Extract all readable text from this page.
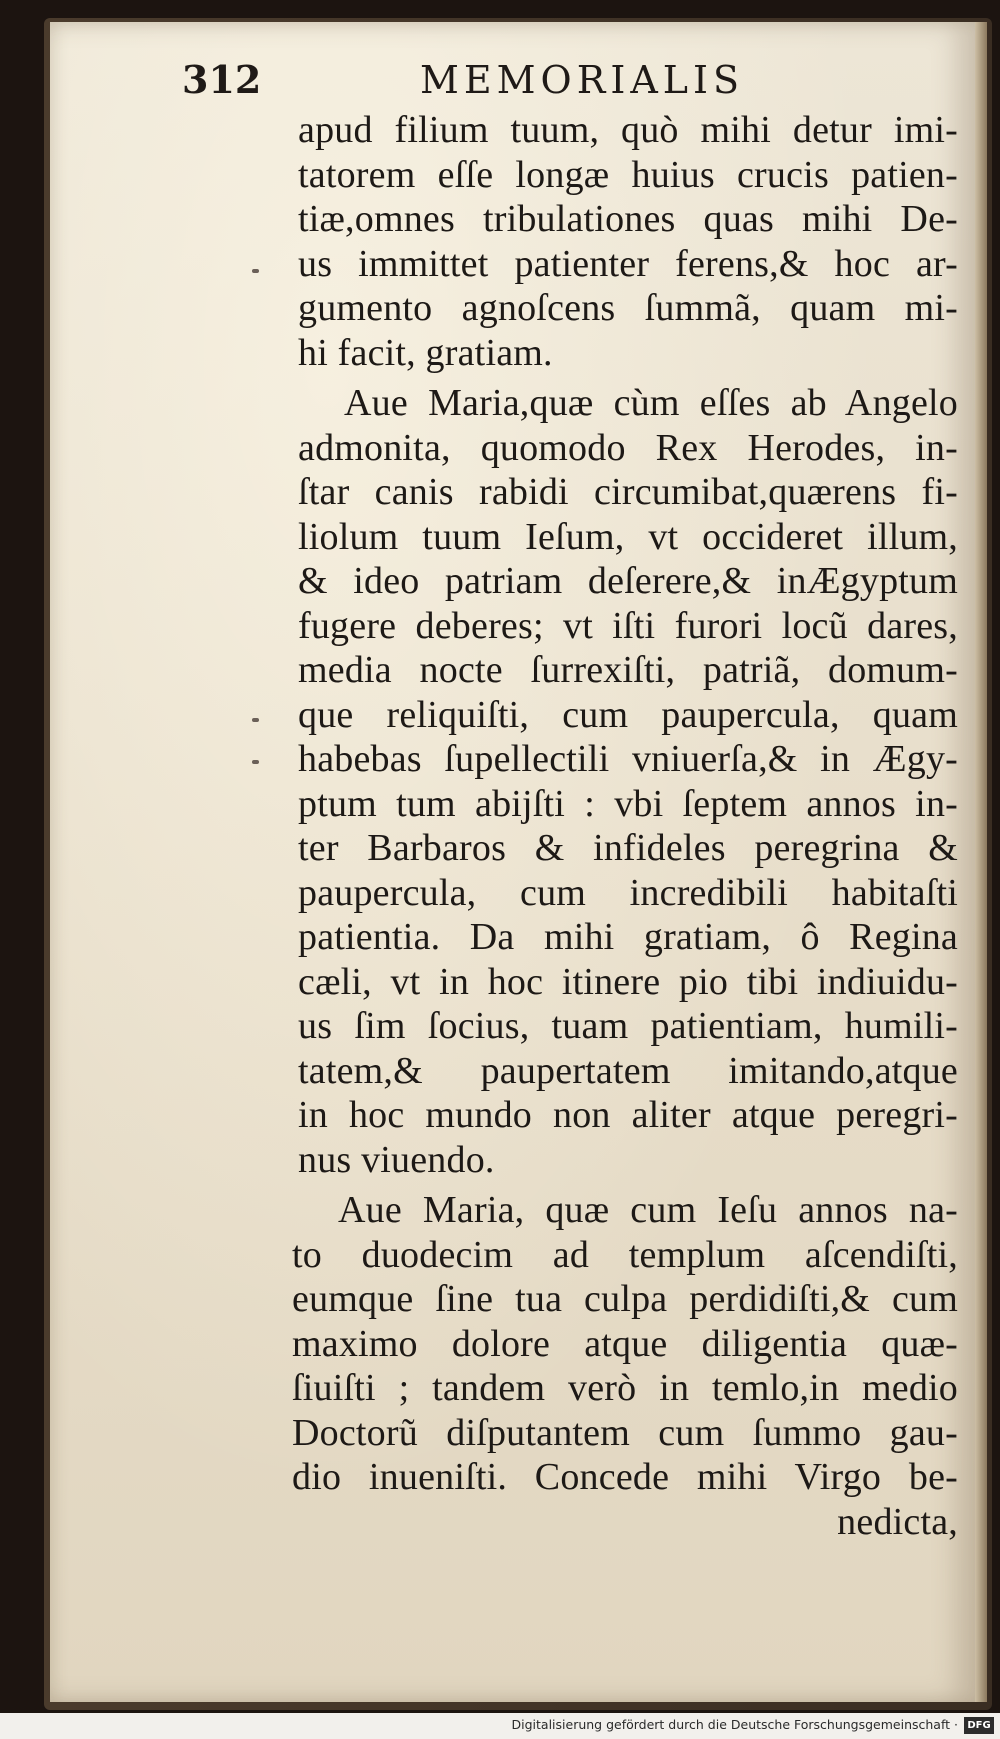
312	MEMORIALIS
apud filium tuum, quò mihi detur imi-
tatorem eſſe longæ huius crucis patien-
tiæ,omnes tribulationes quas mihi De-
us immittet patienter ferens,& hoc ar-
gumento agnoſcens ſummã, quam mi-
hi facit, gratiam.
Aue Maria,quæ cùm eſſes ab Angelo
admonita, quomodo Rex Herodes, in-
ſtar canis rabidi circumibat,quærens fi-
liolum tuum Ieſum, vt occideret illum,
& ideo patriam deſerere,& inÆgyptum
fugere deberes; vt iſti furori locũ dares,
media nocte ſurrexiſti, patriã, domum-
que reliquiſti, cum paupercula, quam
habebas ſupellectili vniuerſa,& in Ægy-
ptum tum abijſti : vbi ſeptem annos in-
ter Barbaros & infideles peregrina &
paupercula, cum incredibili habitaſti
patientia. Da mihi gratiam, ô Regina
cæli, vt in hoc itinere pio tibi indiuidu-
us ſim ſocius, tuam patientiam, humili-
tatem,& paupertatem imitando,atque
in hoc mundo non aliter atque peregri-
nus viuendo.
Aue Maria, quæ cum Ieſu annos na-
to duodecim ad templum aſcendiſti,
eumque ſine tua culpa perdidiſti,& cum
maximo dolore atque diligentia quæ-
ſiuiſti ; tandem verò in temlo,in medio
Doctorũ diſputantem cum ſummo gau-
dio inueniſti. Concede mihi Virgo be-
nedicta,
Digitalisierung gefördert durch die Deutsche Forschungsgemeinschaft · DFG
